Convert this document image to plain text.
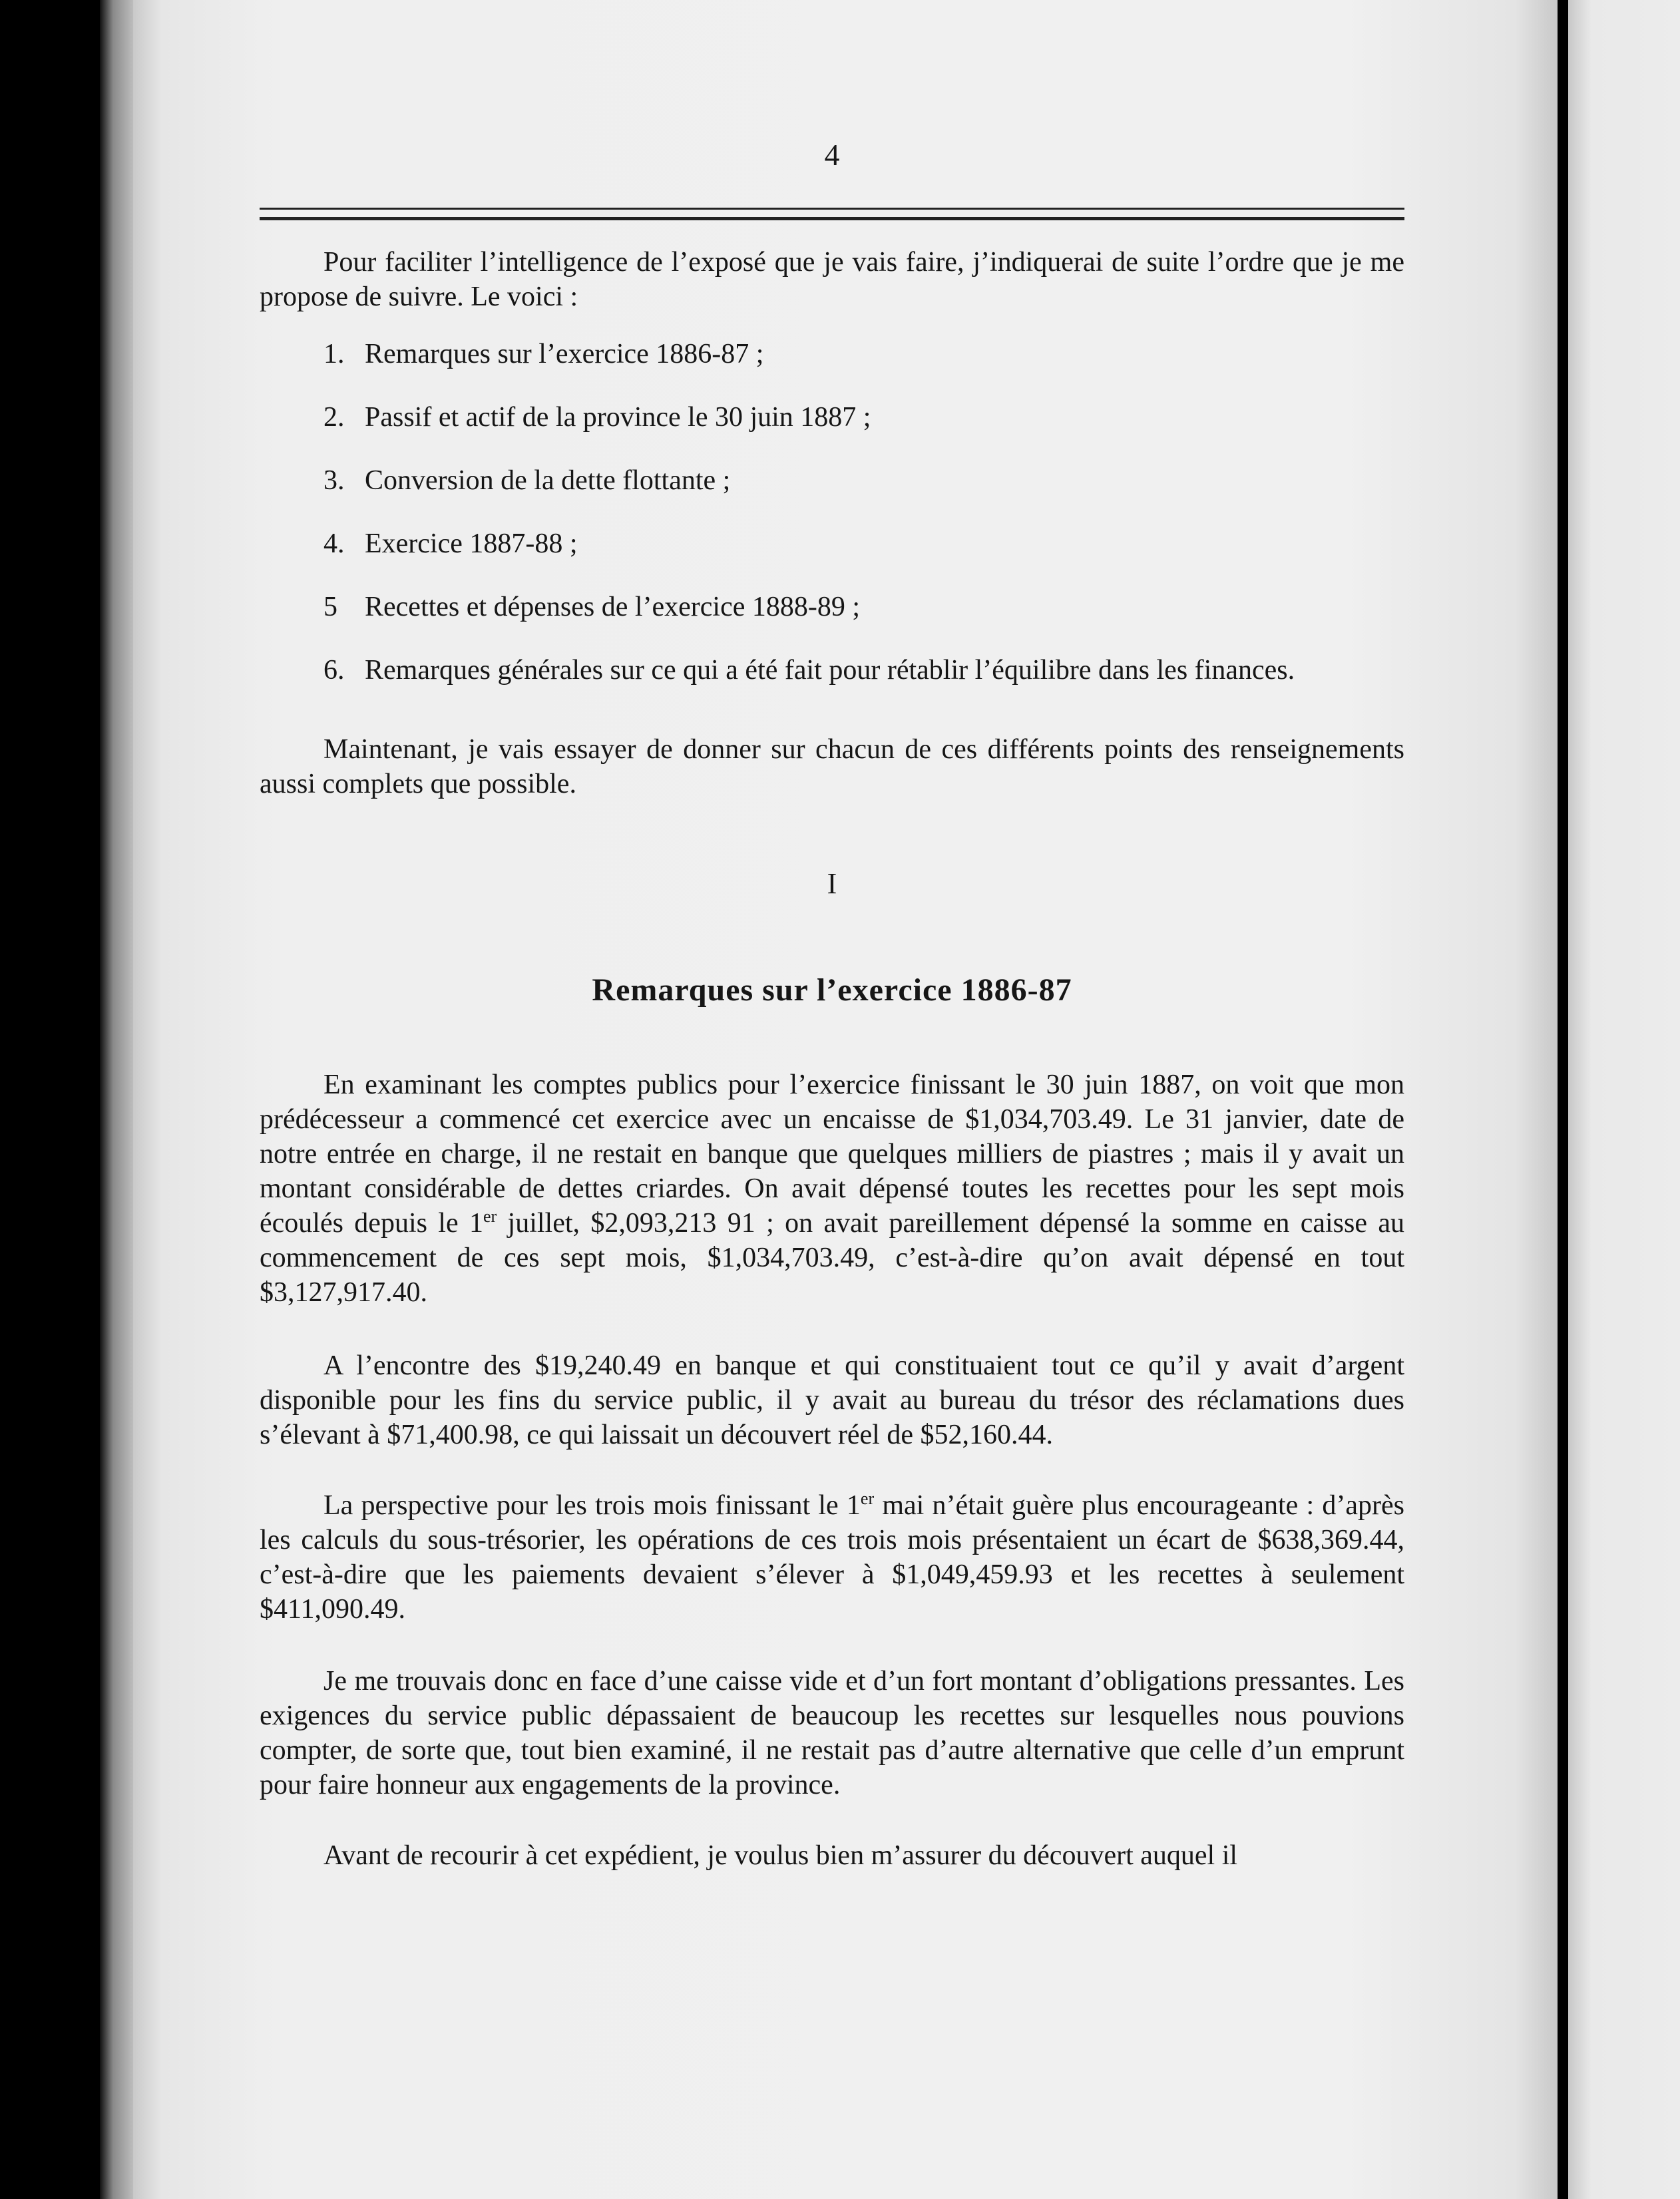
4

Pour faciliter l’intelligence de l’exposé que je vais faire, j’indiquerai de suite l’ordre que je me propose de suivre. Le voici :

1. Remarques sur l’exercice 1886-87 ;
2. Passif et actif de la province le 30 juin 1887 ;
3. Conversion de la dette flottante ;
4. Exercice 1887-88 ;
5 Recettes et dépenses de l’exercice 1888-89 ;
6. Remarques générales sur ce qui a été fait pour rétablir l’équilibre dans les finances.

Maintenant, je vais essayer de donner sur chacun de ces différents points des renseignements aussi complets que possible.

I
Remarques sur l’exercice 1886-87

En examinant les comptes publics pour l’exercice finissant le 30 juin 1887, on voit que mon prédécesseur a commencé cet exercice avec un encaisse de $1,034,703.49. Le 31 janvier, date de notre entrée en charge, il ne restait en banque que quelques milliers de piastres ; mais il y avait un montant considérable de dettes criardes. On avait dépensé toutes les recettes pour les sept mois écoulés depuis le 1er juillet, $2,093,213 91 ; on avait pareillement dépensé la somme en caisse au commencement de ces sept mois, $1,034,703.49, c’est-à-dire qu’on avait dépensé en tout $3,127,917.40.

A l’encontre des $19,240.49 en banque et qui constituaient tout ce qu’il y avait d’argent disponible pour les fins du service public, il y avait au bureau du trésor des réclamations dues s’élevant à $71,400.98, ce qui laissait un découvert réel de $52,160.44.

La perspective pour les trois mois finissant le 1er mai n’était guère plus encourageante : d’après les calculs du sous-trésorier, les opérations de ces trois mois présentaient un écart de $638,369.44, c’est-à-dire que les paiements devaient s’élever à $1,049,459.93 et les recettes à seulement $411,090.49.

Je me trouvais donc en face d’une caisse vide et d’un fort montant d’obligations pressantes. Les exigences du service public dépassaient de beaucoup les recettes sur lesquelles nous pouvions compter, de sorte que, tout bien examiné, il ne restait pas d’autre alternative que celle d’un emprunt pour faire honneur aux engagements de la province.

Avant de recourir à cet expédient, je voulus bien m’assurer du découvert auquel il
